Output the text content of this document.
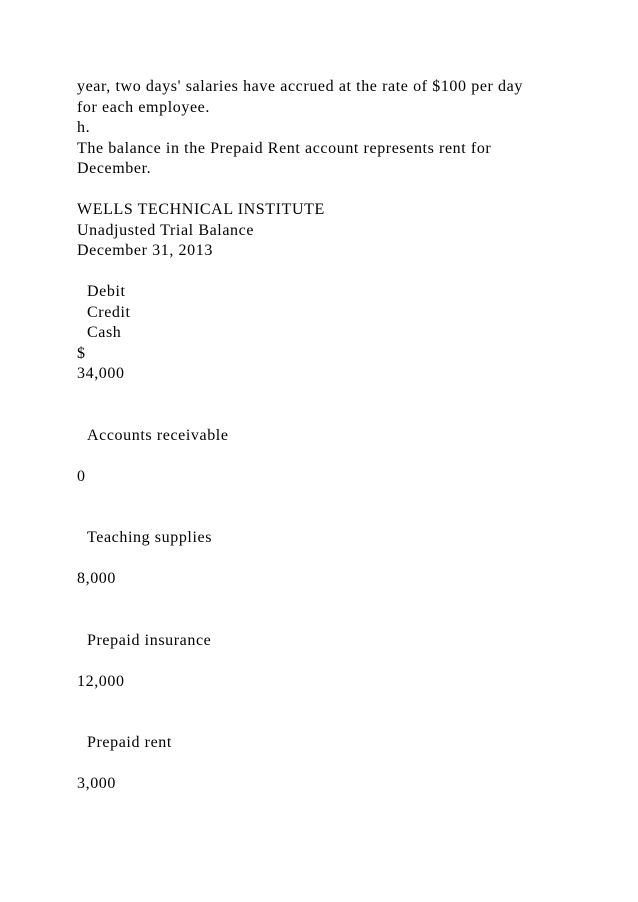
year, two days' salaries have accrued at the rate of $100 per day
for each employee.
h.
The balance in the Prepaid Rent account represents rent for
December.
WELLS TECHNICAL INSTITUTE
Unadjusted Trial Balance
December 31, 2013
Debit
Credit
Cash
$
34,000
Accounts receivable
0
Teaching supplies
8,000
Prepaid insurance
12,000
Prepaid rent
3,000
